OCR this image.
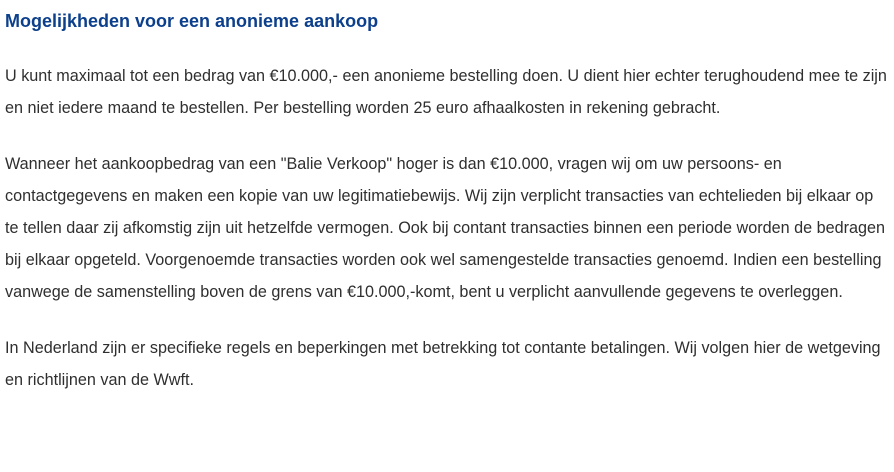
Mogelijkheden voor een anonieme aankoop

U kunt maximaal tot een bedrag van €10.000,- een anonieme bestelling doen. U dient hier echter terughoudend mee te zijn en niet iedere maand te bestellen. Per bestelling worden 25 euro afhaalkosten in rekening gebracht.

Wanneer het aankoopbedrag van een "Balie Verkoop" hoger is dan €10.000, vragen wij om uw persoons- en contactgegevens en maken een kopie van uw legitimatiebewijs. Wij zijn verplicht transacties van echtelieden bij elkaar op te tellen daar zij afkomstig zijn uit hetzelfde vermogen. Ook bij contant transacties binnen een periode worden de bedragen bij elkaar opgeteld. Voorgenoemde transacties worden ook wel samengestelde transacties genoemd. Indien een bestelling vanwege de samenstelling boven de grens van €10.000,-komt, bent u verplicht aanvullende gegevens te overleggen.

In Nederland zijn er specifieke regels en beperkingen met betrekking tot contante betalingen. Wij volgen hier de wetgeving en richtlijnen van de Wwft.
